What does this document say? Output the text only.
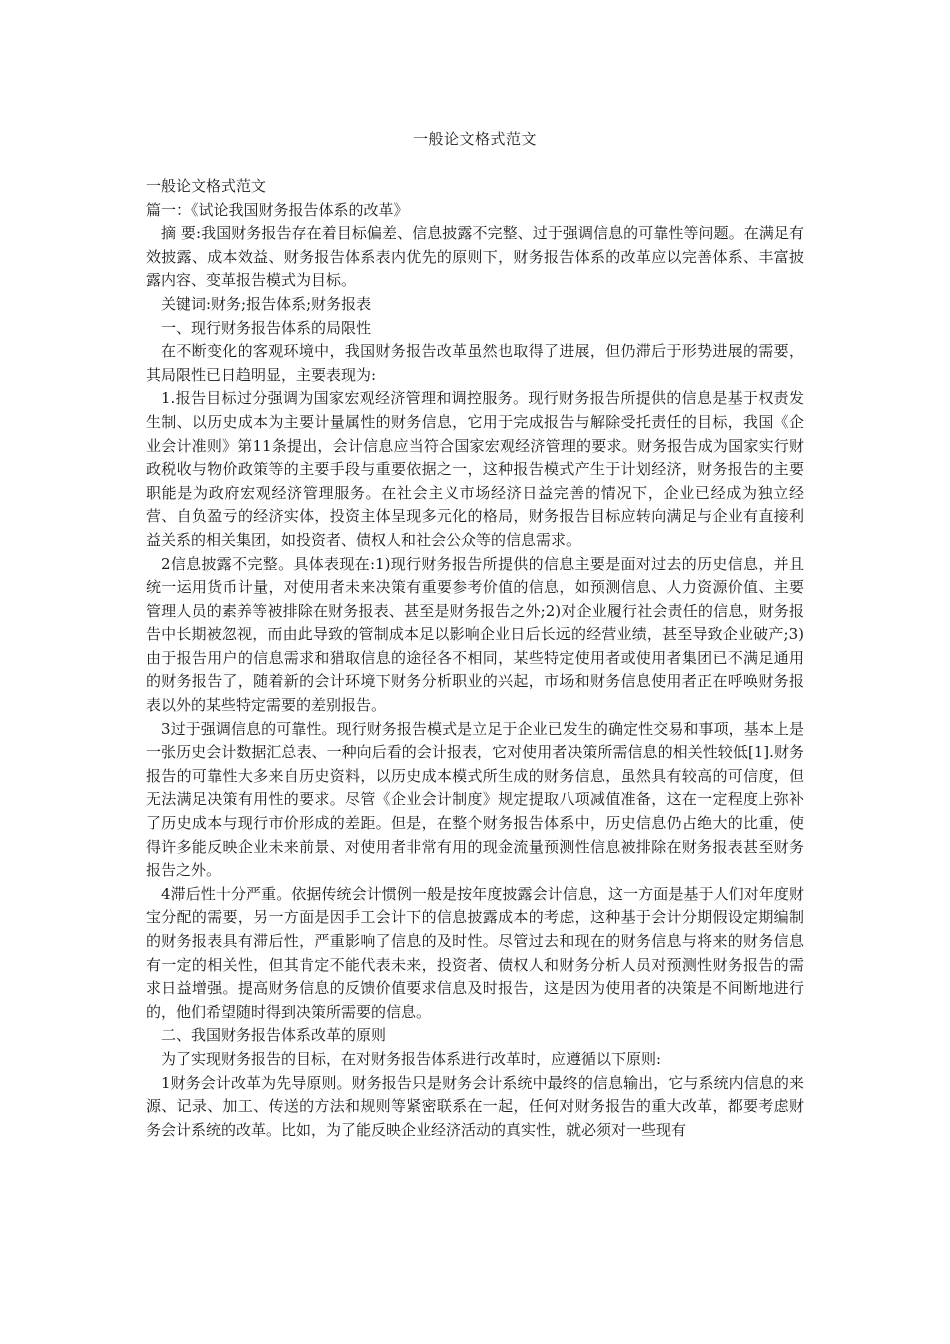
一般论文格式范文

一般论文格式范文

篇一：《试论我国财务报告体系的改革》

摘 要:我国财务报告存在着目标偏差、信息披露不完整、过于强调信息的可靠性等问题。在满足有效披露、成本效益、财务报告体系表内优先的原则下，财务报告体系的改革应以完善体系、丰富披露内容、变革报告模式为目标。

关键词:财务;报告体系;财务报表

一、现行财务报告体系的局限性

在不断变化的客观环境中，我国财务报告改革虽然也取得了进展，但仍滞后于形势进展的需要，其局限性已日趋明显，主要表现为:

1.报告目标过分强调为国家宏观经济管理和调控服务。现行财务报告所提供的信息是基于权责发生制、以历史成本为主要计量属性的财务信息，它用于完成报告与解除受托责任的目标，我国《企业会计准则》第11条提出，会计信息应当符合国家宏观经济管理的要求。财务报告成为国家实行财政税收与物价政策等的主要手段与重要依据之一，这种报告模式产生于计划经济，财务报告的主要职能是为政府宏观经济管理服务。在社会主义市场经济日益完善的情况下，企业已经成为独立经营、自负盈亏的经济实体，投资主体呈现多元化的格局，财务报告目标应转向满足与企业有直接利益关系的相关集团，如投资者、债权人和社会公众等的信息需求。

2信息披露不完整。具体表现在:1)现行财务报告所提供的信息主要是面对过去的历史信息，并且统一运用货币计量，对使用者未来决策有重要参考价值的信息，如预测信息、人力资源价值、主要管理人员的素养等被排除在财务报表、甚至是财务报告之外;2)对企业履行社会责任的信息，财务报告中长期被忽视，而由此导致的管制成本足以影响企业日后长远的经营业绩，甚至导致企业破产;3)由于报告用户的信息需求和猎取信息的途径各不相同，某些特定使用者或使用者集团已不满足通用的财务报告了，随着新的会计环境下财务分析职业的兴起，市场和财务信息使用者正在呼唤财务报表以外的某些特定需要的差别报告。

3过于强调信息的可靠性。现行财务报告模式是立足于企业已发生的确定性交易和事项，基本上是一张历史会计数据汇总表、一种向后看的会计报表，它对使用者决策所需信息的相关性较低[1].财务报告的可靠性大多来自历史资料，以历史成本模式所生成的财务信息，虽然具有较高的可信度，但无法满足决策有用性的要求。尽管《企业会计制度》规定提取八项减值准备，这在一定程度上弥补了历史成本与现行市价形成的差距。但是，在整个财务报告体系中，历史信息仍占绝大的比重，使得许多能反映企业未来前景、对使用者非常有用的现金流量预测性信息被排除在财务报表甚至财务报告之外。

4滞后性十分严重。依据传统会计惯例一般是按年度披露会计信息，这一方面是基于人们对年度财宝分配的需要，另一方面是因手工会计下的信息披露成本的考虑，这种基于会计分期假设定期编制的财务报表具有滞后性，严重影响了信息的及时性。尽管过去和现在的财务信息与将来的财务信息有一定的相关性，但其肯定不能代表未来，投资者、债权人和财务分析人员对预测性财务报告的需求日益增强。提高财务信息的反馈价值要求信息及时报告，这是因为使用者的决策是不间断地进行的，他们希望随时得到决策所需要的信息。

二、我国财务报告体系改革的原则

为了实现财务报告的目标，在对财务报告体系进行改革时，应遵循以下原则:

1财务会计改革为先导原则。财务报告只是财务会计系统中最终的信息输出，它与系统内信息的来源、记录、加工、传送的方法和规则等紧密联系在一起，任何对财务报告的重大改革，都要考虑财务会计系统的改革。比如，为了能反映企业经济活动的真实性，就必须对一些现有
